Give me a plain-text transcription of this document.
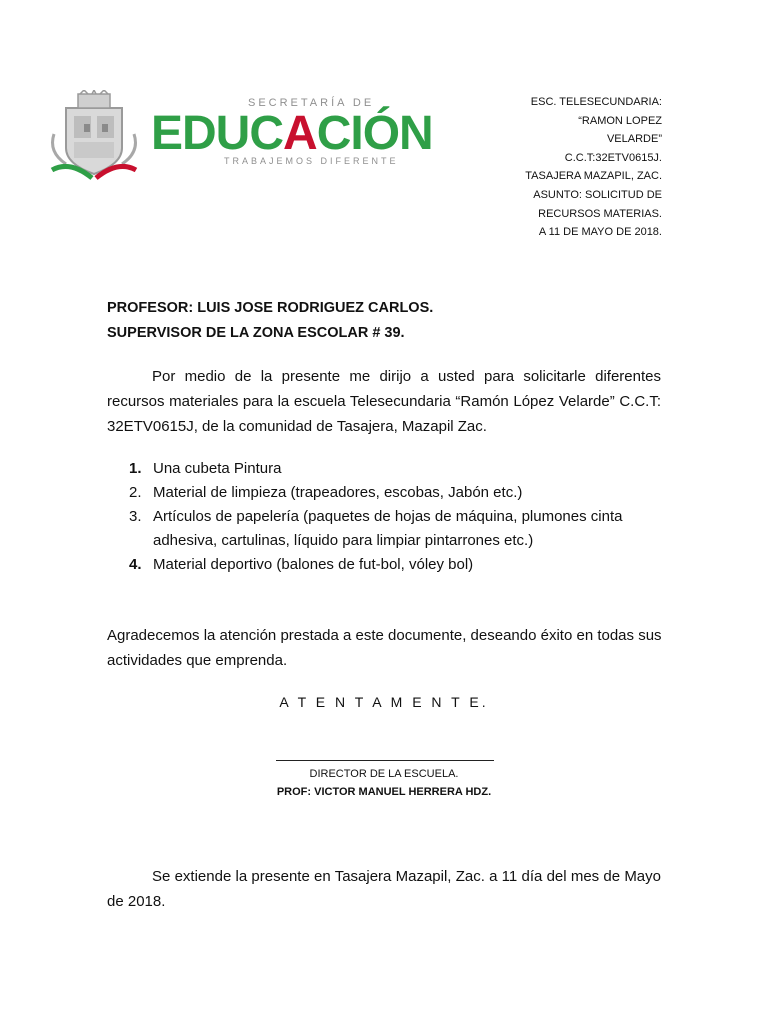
SECRETARÍA DE
EDUCACIÓN
TRABAJEMOS DIFERENTE
ESC. TELESECUNDARIA:
“RAMON LOPEZ
VELARDE”
C.C.T:32ETV0615J.
TASAJERA MAZAPIL, ZAC.
ASUNTO: SOLICITUD DE
RECURSOS MATERIAS.
A 11 DE MAYO DE 2018.
PROFESOR: LUIS JOSE RODRIGUEZ CARLOS.
SUPERVISOR DE LA ZONA ESCOLAR # 39.
Por medio de la presente me dirijo a usted para solicitarle diferentes recursos materiales para la escuela Telesecundaria “Ramón López Velarde” C.C.T: 32ETV0615J, de la comunidad de Tasajera, Mazapil Zac.
1. Una cubeta Pintura
2. Material de limpieza (trapeadores, escobas, Jabón etc.)
3. Artículos de papelería (paquetes de hojas de máquina, plumones cinta adhesiva, cartulinas, líquido para limpiar pintarrones etc.)
4. Material deportivo (balones de fut-bol, vóley bol)
Agradecemos la atención prestada a este documente, deseando éxito en todas sus actividades que emprenda.
A T E N T A M E N T E.
DIRECTOR DE LA ESCUELA.
PROF: VICTOR MANUEL HERRERA HDZ.
Se extiende la presente en Tasajera Mazapil, Zac. a 11 día del mes de Mayo de 2018.
